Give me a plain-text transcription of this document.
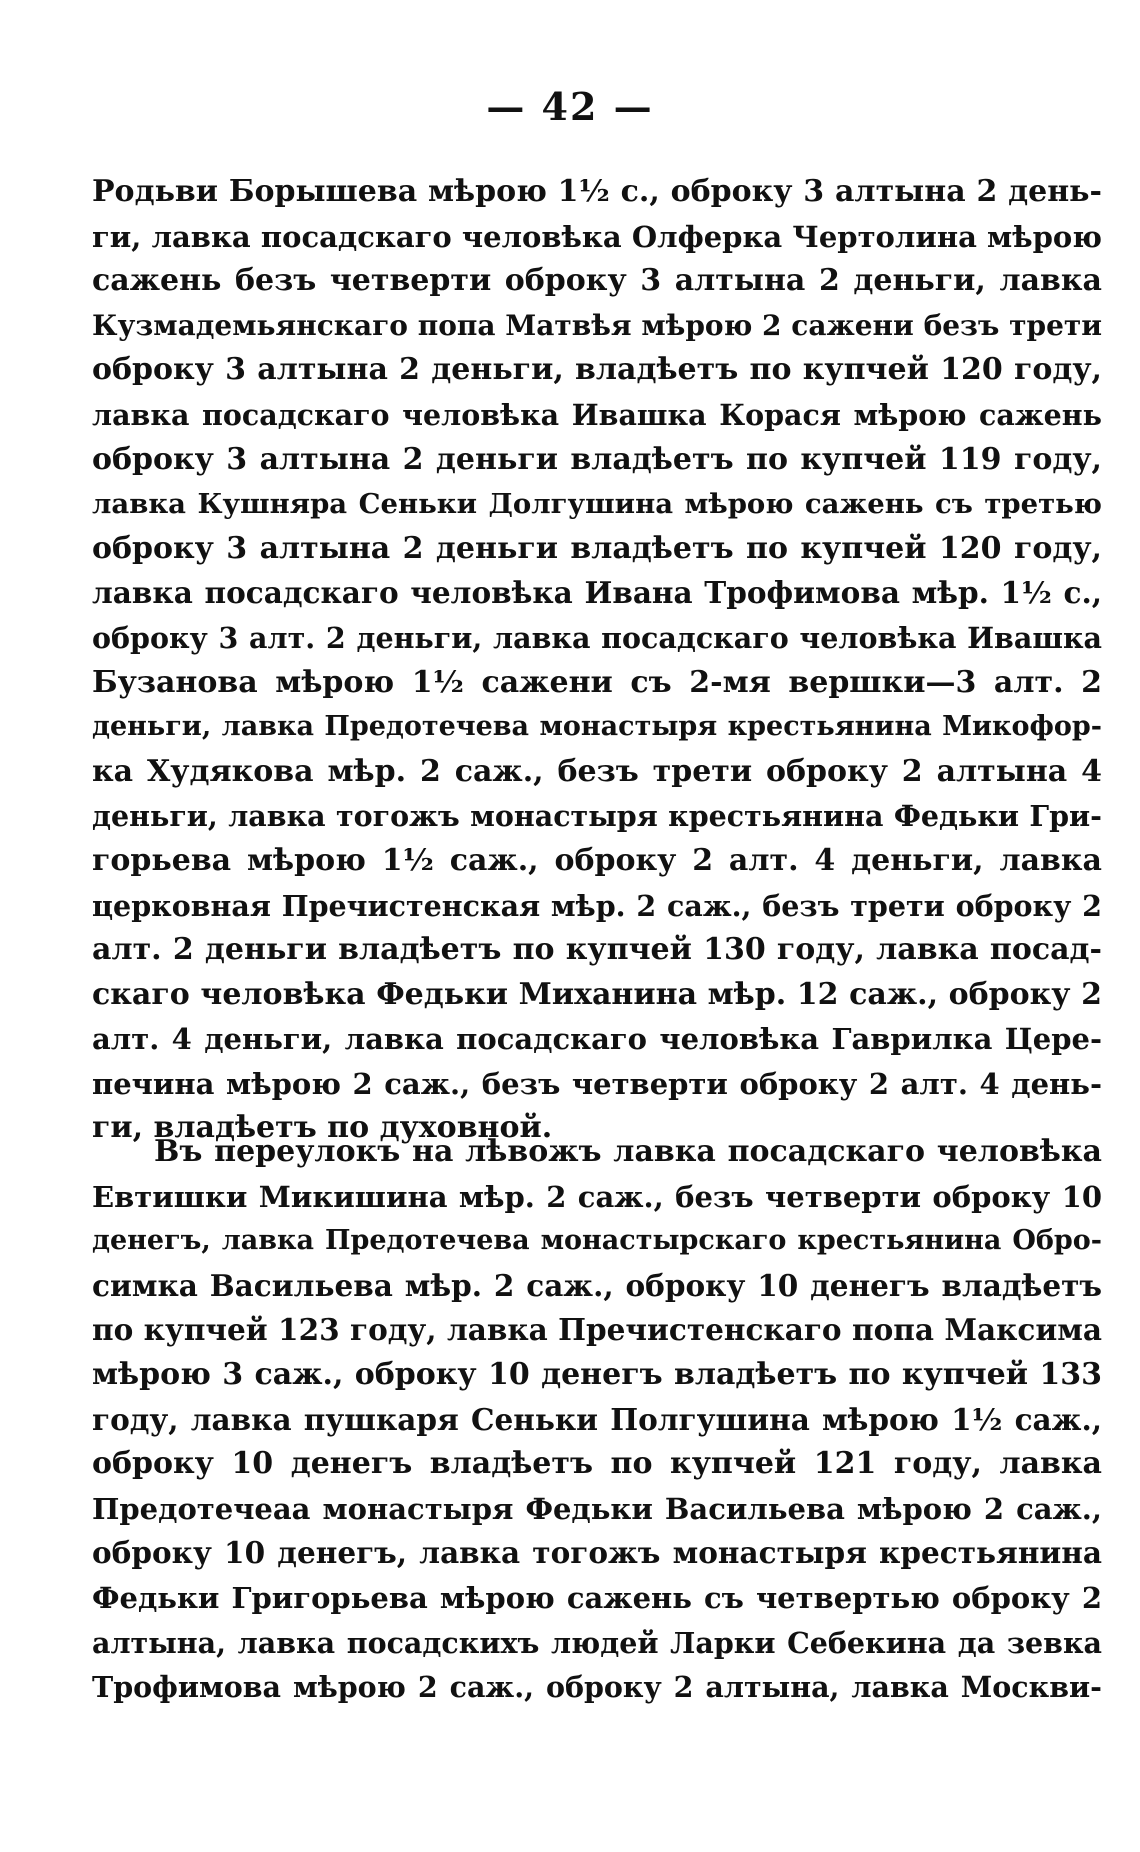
— 42 —
Родьви Борышева мѣрою 1½ с., оброку 3 алтына 2 день-
ги, лавка посадскаго человѣка Олферка Чертолина мѣрою
сажень безъ четверти оброку 3 алтына 2 деньги, лавка
Кузмадемьянскаго попа Матвѣя мѣрою 2 сажени безъ трети
оброку 3 алтына 2 деньги, владѣетъ по купчей 120 году,
лавка посадскаго человѣка Ивашка Корася мѣрою сажень
оброку 3 алтына 2 деньги владѣетъ по купчей 119 году,
лавка Кушняра Сеньки Долгушина мѣрою сажень съ третью
оброку 3 алтына 2 деньги владѣетъ по купчей 120 году,
лавка посадскаго человѣка Ивана Трофимова мѣр. 1½ с.,
оброку 3 алт. 2 деньги, лавка посадскаго человѣка Ивашка
Бузанова мѣрою 1½ сажени съ 2-мя вершки—3 алт. 2
деньги, лавка Предотечева монастыря крестьянина Микофор-
ка Худякова мѣр. 2 саж., безъ трети оброку 2 алтына 4
деньги, лавка тогожъ монастыря крестьянина Федьки Гри-
горьева мѣрою 1½ саж., оброку 2 алт. 4 деньги, лавка
церковная Пречистенская мѣр. 2 саж., безъ трети оброку 2
алт. 2 деньги владѣетъ по купчей 130 году, лавка посад-
скаго человѣка Федьки Миханина мѣр. 12 саж., оброку 2
алт. 4 деньги, лавка посадскаго человѣка Гаврилка Цере-
печина мѣрою 2 саж., безъ четверти оброку 2 алт. 4 день-
ги, владѣетъ по духовной.
Въ переулокъ на лѣвожъ лавка посадскаго человѣка
Евтишки Микишина мѣр. 2 саж., безъ четверти оброку 10
денегъ, лавка Предотечева монастырскаго крестьянина Обро-
симка Васильева мѣр. 2 саж., оброку 10 денегъ владѣетъ
по купчей 123 году, лавка Пречистенскаго попа Максима
мѣрою 3 саж., оброку 10 денегъ владѣетъ по купчей 133
году, лавка пушкаря Сеньки Полгушина мѣрою 1½ саж.,
оброку 10 денегъ владѣетъ по купчей 121 году, лавка
Предотечеаа монастыря Федьки Васильева мѣрою 2 саж.,
оброку 10 денегъ, лавка тогожъ монастыря крестьянина
Федьки Григорьева мѣрою сажень съ четвертью оброку 2
алтына, лавка посадскихъ людей Ларки Себекина да зевка
Трофимова мѣрою 2 саж., оброку 2 алтына, лавка Москви-
